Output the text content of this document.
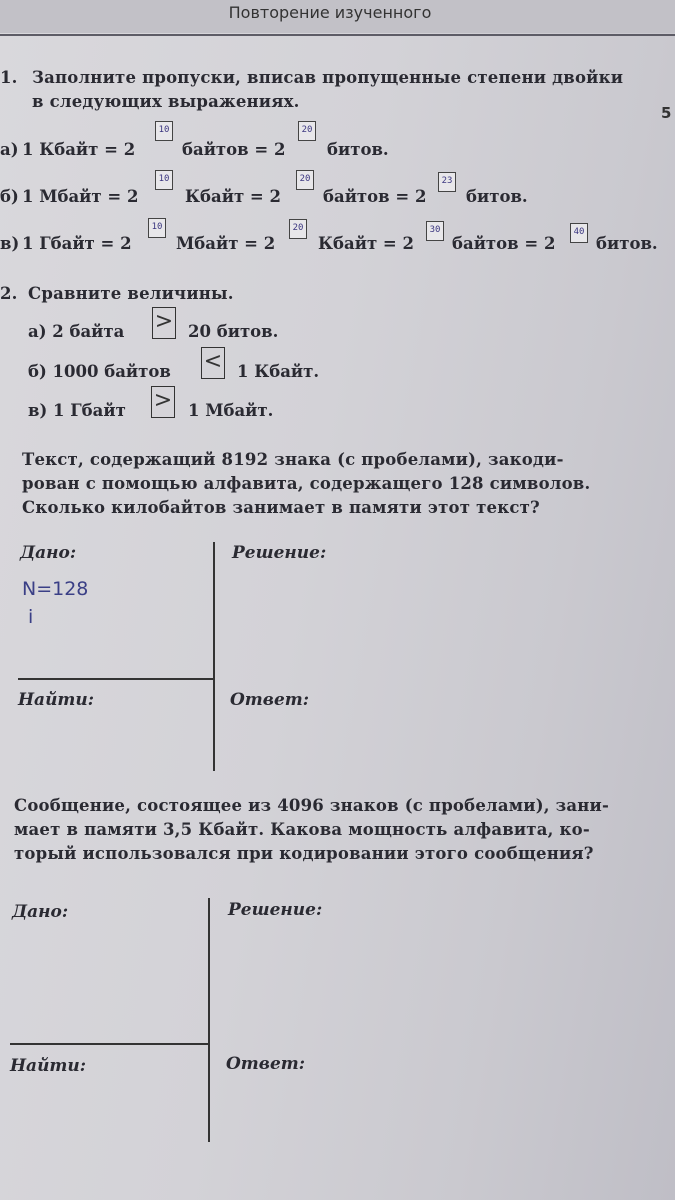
Повторение изученного
5
1. Заполните пропуски, вписав пропущенные степени двойки
в следующих выражениях.
а) 1 Кбайт = 2
10
байтов = 2
20
битов.
б) 1 Мбайт = 2
10
Кбайт = 2
20
байтов = 2
23
битов.
в) 1 Гбайт = 2
10
Мбайт = 2
20
Кбайт = 2
30
байтов = 2
40
битов.
2. Сравните величины.
а) 2 байта > 20 битов.
б) 1000 байтов < 1 Кбайт.
в) 1 Гбайт > 1 Мбайт.
Текст, содержащий 8192 знака (с пробелами), закоди-
рован с помощью алфавита, содержащего 128 символов.
Сколько килобайтов занимает в памяти этот текст?
Дано:	Решение:
N=128
i
Найти:	Ответ:
Сообщение, состоящее из 4096 знаков (с пробелами), зани-
мает в памяти 3,5 Кбайт. Какова мощность алфавита, ко-
торый использовался при кодировании этого сообщения?
Дано:	Решение:
Найти:	Ответ:
